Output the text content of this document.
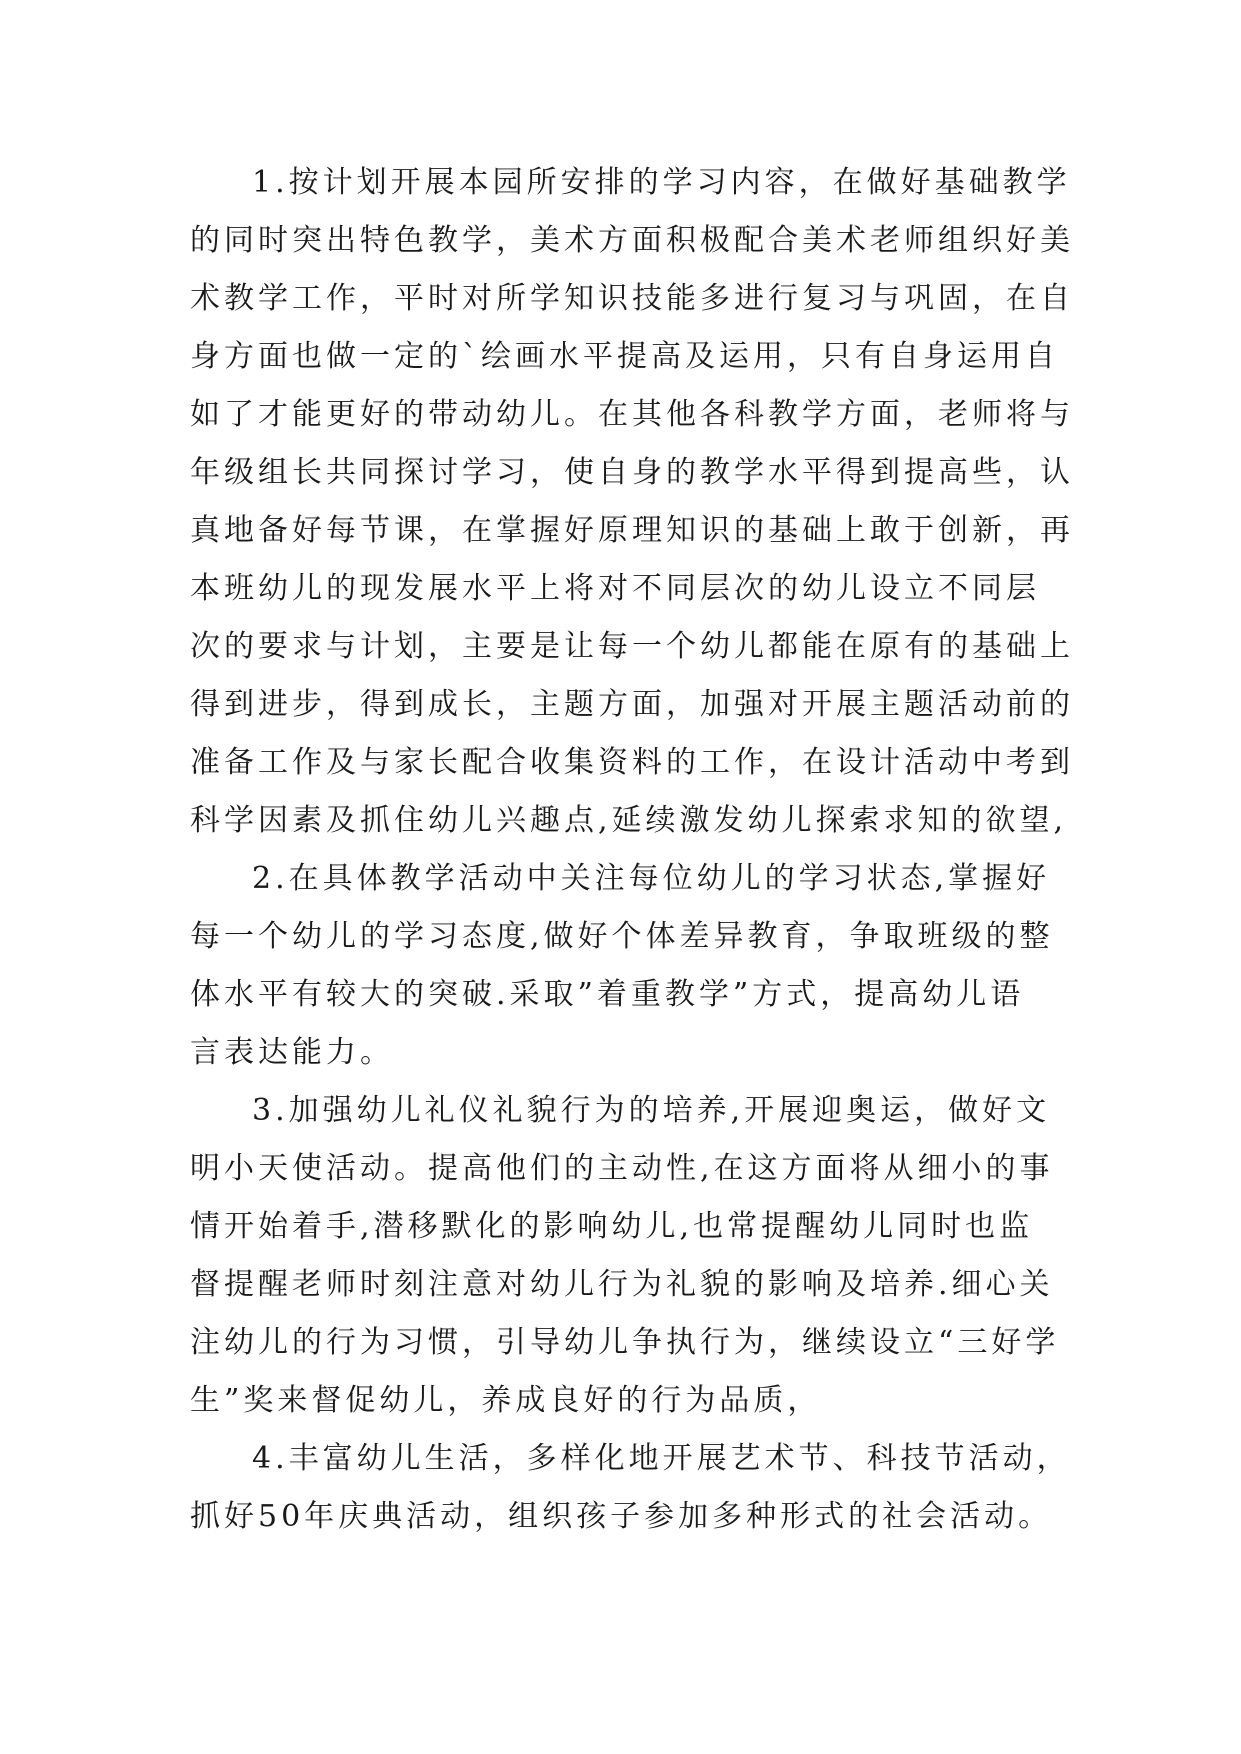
1.按计划开展本园所安排的学习内容，在做好基础教学
的同时突出特色教学，美术方面积极配合美术老师组织好美
术教学工作，平时对所学知识技能多进行复习与巩固，在自
身方面也做一定的`绘画水平提高及运用，只有自身运用自
如了才能更好的带动幼儿。在其他各科教学方面，老师将与
年级组长共同探讨学习，使自身的教学水平得到提高些，认
真地备好每节课，在掌握好原理知识的基础上敢于创新，再
本班幼儿的现发展水平上将对不同层次的幼儿设立不同层
次的要求与计划，主要是让每一个幼儿都能在原有的基础上
得到进步，得到成长，主题方面，加强对开展主题活动前的
准备工作及与家长配合收集资料的工作，在设计活动中考到
科学因素及抓住幼儿兴趣点,延续激发幼儿探索求知的欲望,
2.在具体教学活动中关注每位幼儿的学习状态,掌握好
每一个幼儿的学习态度,做好个体差异教育，争取班级的整
体水平有较大的突破.采取”着重教学”方式，提高幼儿语
言表达能力。
3.加强幼儿礼仪礼貌行为的培养,开展迎奥运，做好文
明小天使活动。提高他们的主动性,在这方面将从细小的事
情开始着手,潜移默化的影响幼儿,也常提醒幼儿同时也监
督提醒老师时刻注意对幼儿行为礼貌的影响及培养.细心关
注幼儿的行为习惯，引导幼儿争执行为，继续设立“三好学
生”奖来督促幼儿，养成良好的行为品质，
4.丰富幼儿生活，多样化地开展艺术节、科技节活动，
抓好50年庆典活动，组织孩子参加多种形式的社会活动。
